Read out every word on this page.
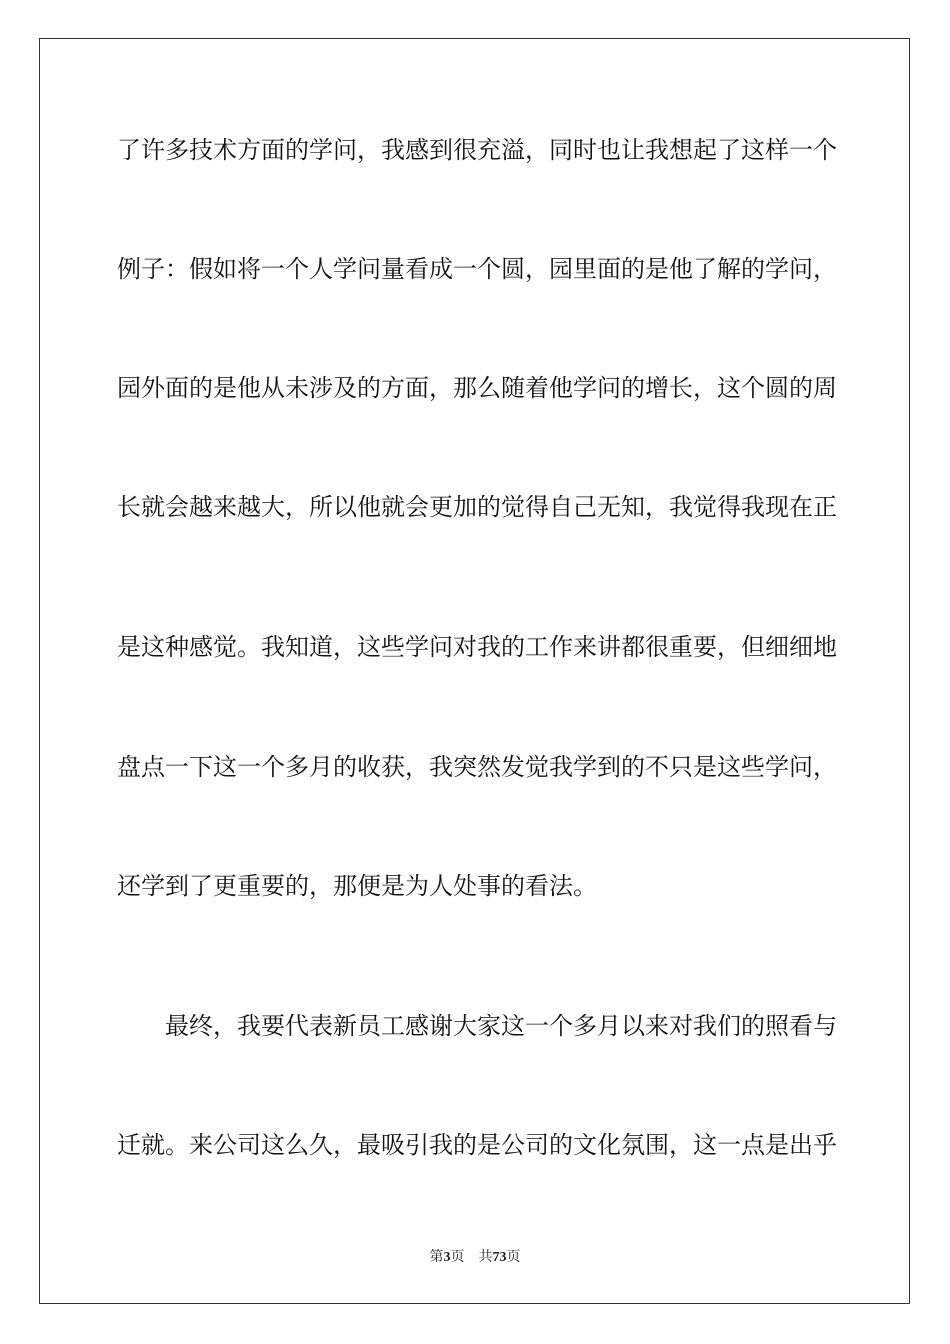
了许多技术方面的学问，我感到很充溢，同时也让我想起了这样一个
例子：假如将一个人学问量看成一个圆，园里面的是他了解的学问，
园外面的是他从未涉及的方面，那么随着他学问的增长，这个圆的周
长就会越来越大，所以他就会更加的觉得自己无知，我觉得我现在正
是这种感觉。我知道，这些学问对我的工作来讲都很重要，但细细地
盘点一下这一个多月的收获，我突然发觉我学到的不只是这些学问，
还学到了更重要的，那便是为人处事的看法。
最终，我要代表新员工感谢大家这一个多月以来对我们的照看与
迁就。来公司这么久，最吸引我的是公司的文化氛围，这一点是出乎
第3页 共73页
